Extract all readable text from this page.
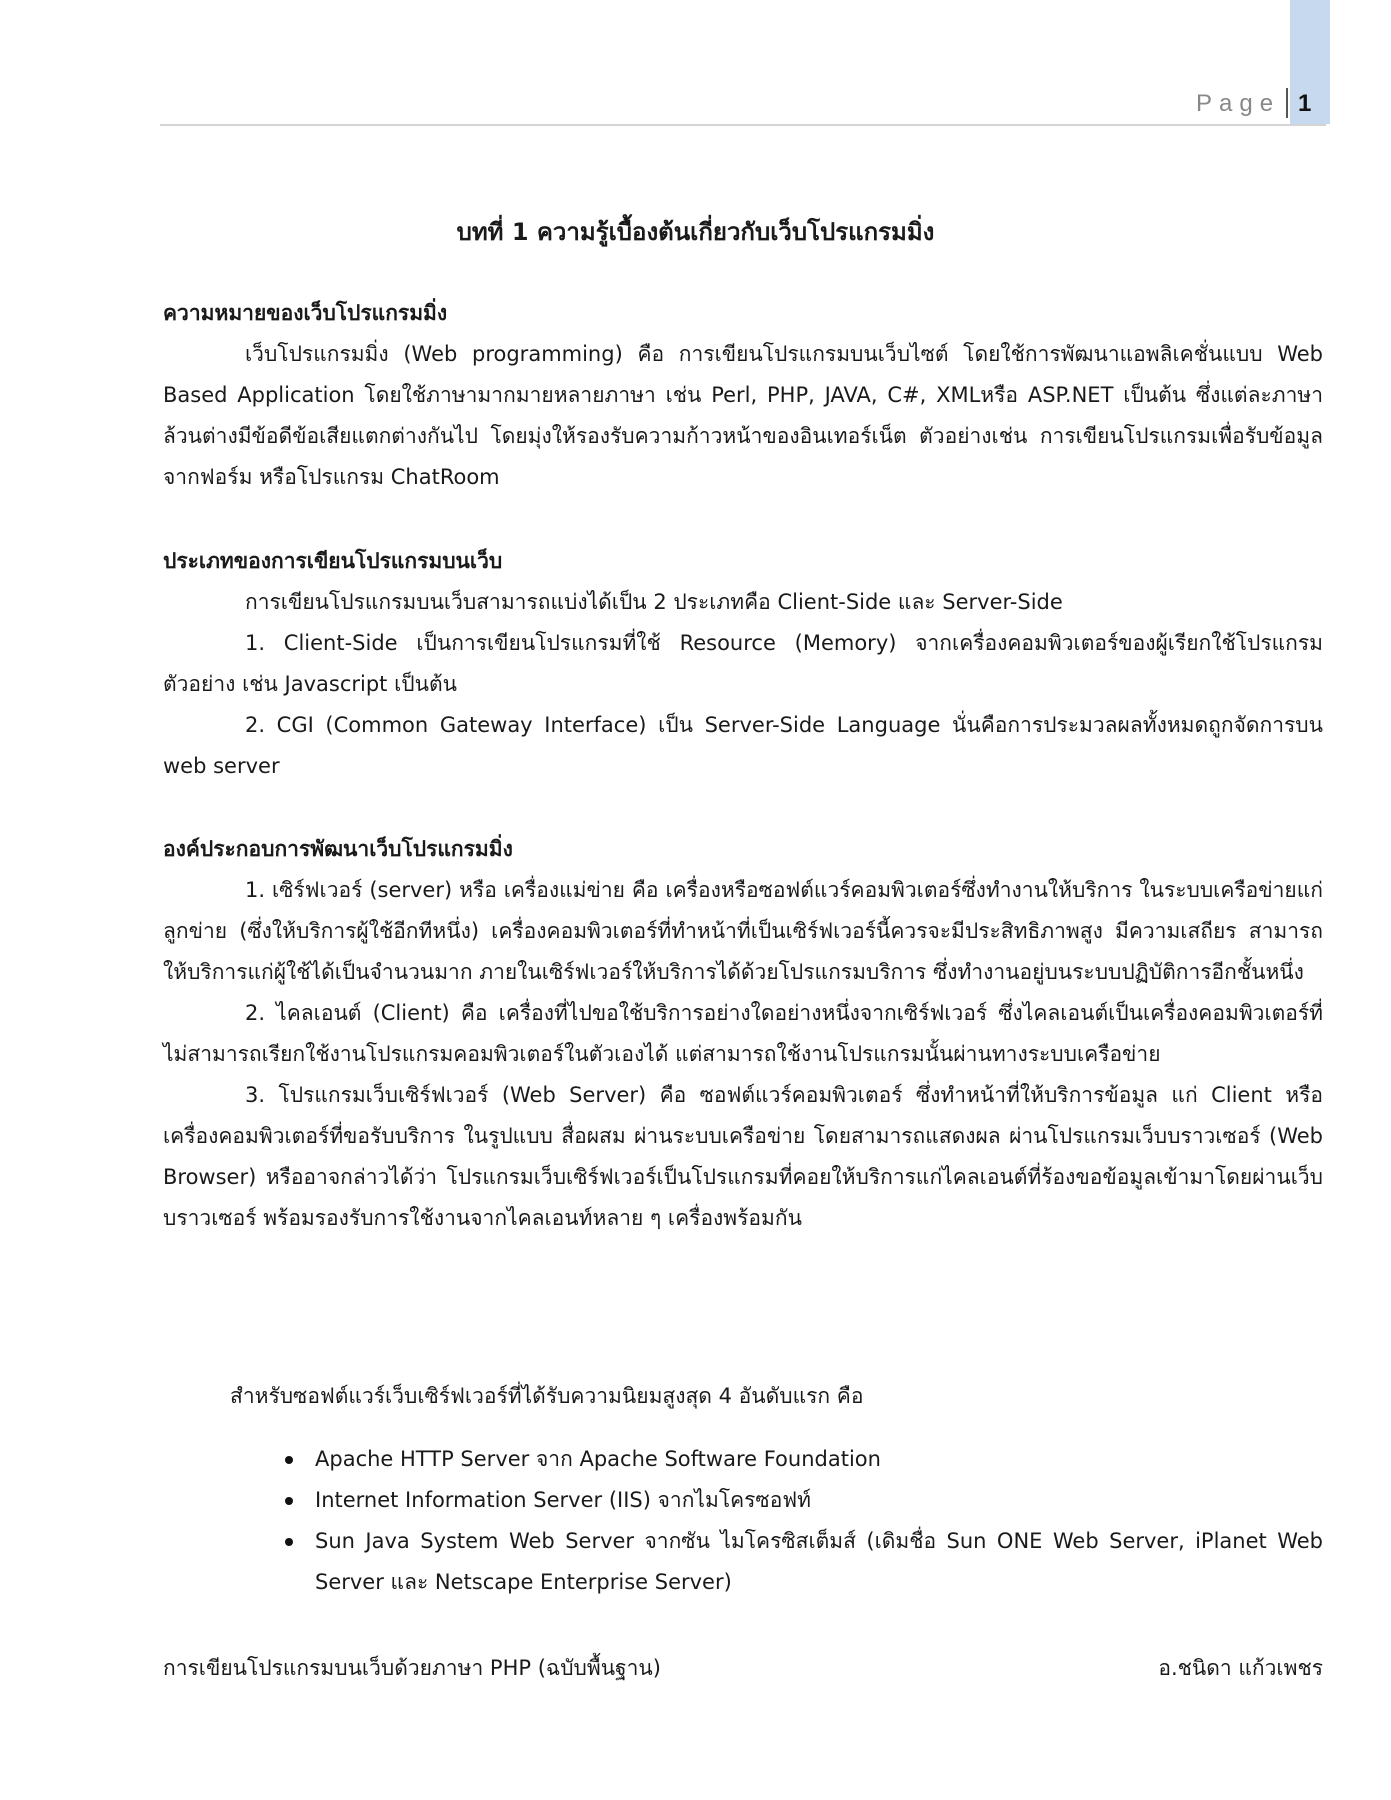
Page 1
บทที่ 1 ความรู้เบื้องต้นเกี่ยวกับเว็บโปรแกรมมิ่ง
ความหมายของเว็บโปรแกรมมิ่ง
เว็บโปรแกรมมิ่ง (Web programming) คือ การเขียนโปรแกรมบนเว็บไซต์ โดยใช้การพัฒนาแอพลิเคชั่นแบบ Web Based Application โดยใช้ภาษามากมายหลายภาษา เช่น Perl, PHP, JAVA, C#, XMLหรือ ASP.NET เป็นต้น ซึ่งแต่ละภาษาล้วนต่างมีข้อดีข้อเสียแตกต่างกันไป โดยมุ่งให้รองรับความก้าวหน้าของอินเทอร์เน็ต ตัวอย่างเช่น การเขียนโปรแกรมเพื่อรับข้อมูลจากฟอร์ม หรือโปรแกรม ChatRoom
ประเภทของการเขียนโปรแกรมบนเว็บ
การเขียนโปรแกรมบนเว็บสามารถแบ่งได้เป็น 2 ประเภทคือ Client-Side และ Server-Side
1. Client-Side เป็นการเขียนโปรแกรมที่ใช้ Resource (Memory) จากเครื่องคอมพิวเตอร์ของผู้เรียกใช้โปรแกรม ตัวอย่าง เช่น Javascript เป็นต้น
2. CGI (Common Gateway Interface) เป็น Server-Side Language นั่นคือการประมวลผลทั้งหมดถูกจัดการบน web server
องค์ประกอบการพัฒนาเว็บโปรแกรมมิ่ง
1. เซิร์ฟเวอร์ (server) หรือ เครื่องแม่ข่าย คือ เครื่องหรือซอฟต์แวร์คอมพิวเตอร์ซึ่งทำงานให้บริการ ในระบบเครือข่ายแก่ลูกข่าย (ซึ่งให้บริการผู้ใช้อีกทีหนึ่ง) เครื่องคอมพิวเตอร์ที่ทำหน้าที่เป็นเซิร์ฟเวอร์นี้ควรจะมีประสิทธิภาพสูง มีความเสถียร สามารถให้บริการแก่ผู้ใช้ได้เป็นจำนวนมาก ภายในเซิร์ฟเวอร์ให้บริการได้ด้วยโปรแกรมบริการ ซึ่งทำงานอยู่บนระบบปฏิบัติการอีกชั้นหนึ่ง
2. ไคลเอนต์ (Client) คือ เครื่องที่ไปขอใช้บริการอย่างใดอย่างหนึ่งจากเซิร์ฟเวอร์ ซึ่งไคลเอนต์เป็นเครื่องคอมพิวเตอร์ที่ไม่สามารถเรียกใช้งานโปรแกรมคอมพิวเตอร์ในตัวเองได้ แต่สามารถใช้งานโปรแกรมนั้นผ่านทางระบบเครือข่าย
3. โปรแกรมเว็บเซิร์ฟเวอร์ (Web Server) คือ ซอฟต์แวร์คอมพิวเตอร์ ซึ่งทำหน้าที่ให้บริการข้อมูล แก่ Client หรือ เครื่องคอมพิวเตอร์ที่ขอรับบริการ ในรูปแบบ สื่อผสม ผ่านระบบเครือข่าย โดยสามารถแสดงผล ผ่านโปรแกรมเว็บบราวเซอร์ (Web Browser) หรืออาจกล่าวได้ว่า โปรแกรมเว็บเซิร์ฟเวอร์เป็นโปรแกรมที่คอยให้บริการแก่ไคลเอนต์ที่ร้องขอข้อมูลเข้ามาโดยผ่านเว็บบราวเซอร์ พร้อมรองรับการใช้งานจากไคลเอนท์หลาย ๆ เครื่องพร้อมกัน
สำหรับซอฟต์แวร์เว็บเซิร์ฟเวอร์ที่ได้รับความนิยมสูงสุด 4 อันดับแรก คือ
Apache HTTP Server จาก Apache Software Foundation
Internet Information Server (IIS) จากไมโครซอฟท์
Sun Java System Web Server จากซัน ไมโครซิสเต็มส์ (เดิมชื่อ Sun ONE Web Server, iPlanet Web Server และ Netscape Enterprise Server)
การเขียนโปรแกรมบนเว็บด้วยภาษา PHP (ฉบับพื้นฐาน)	อ.ชนิดา แก้วเพชร
